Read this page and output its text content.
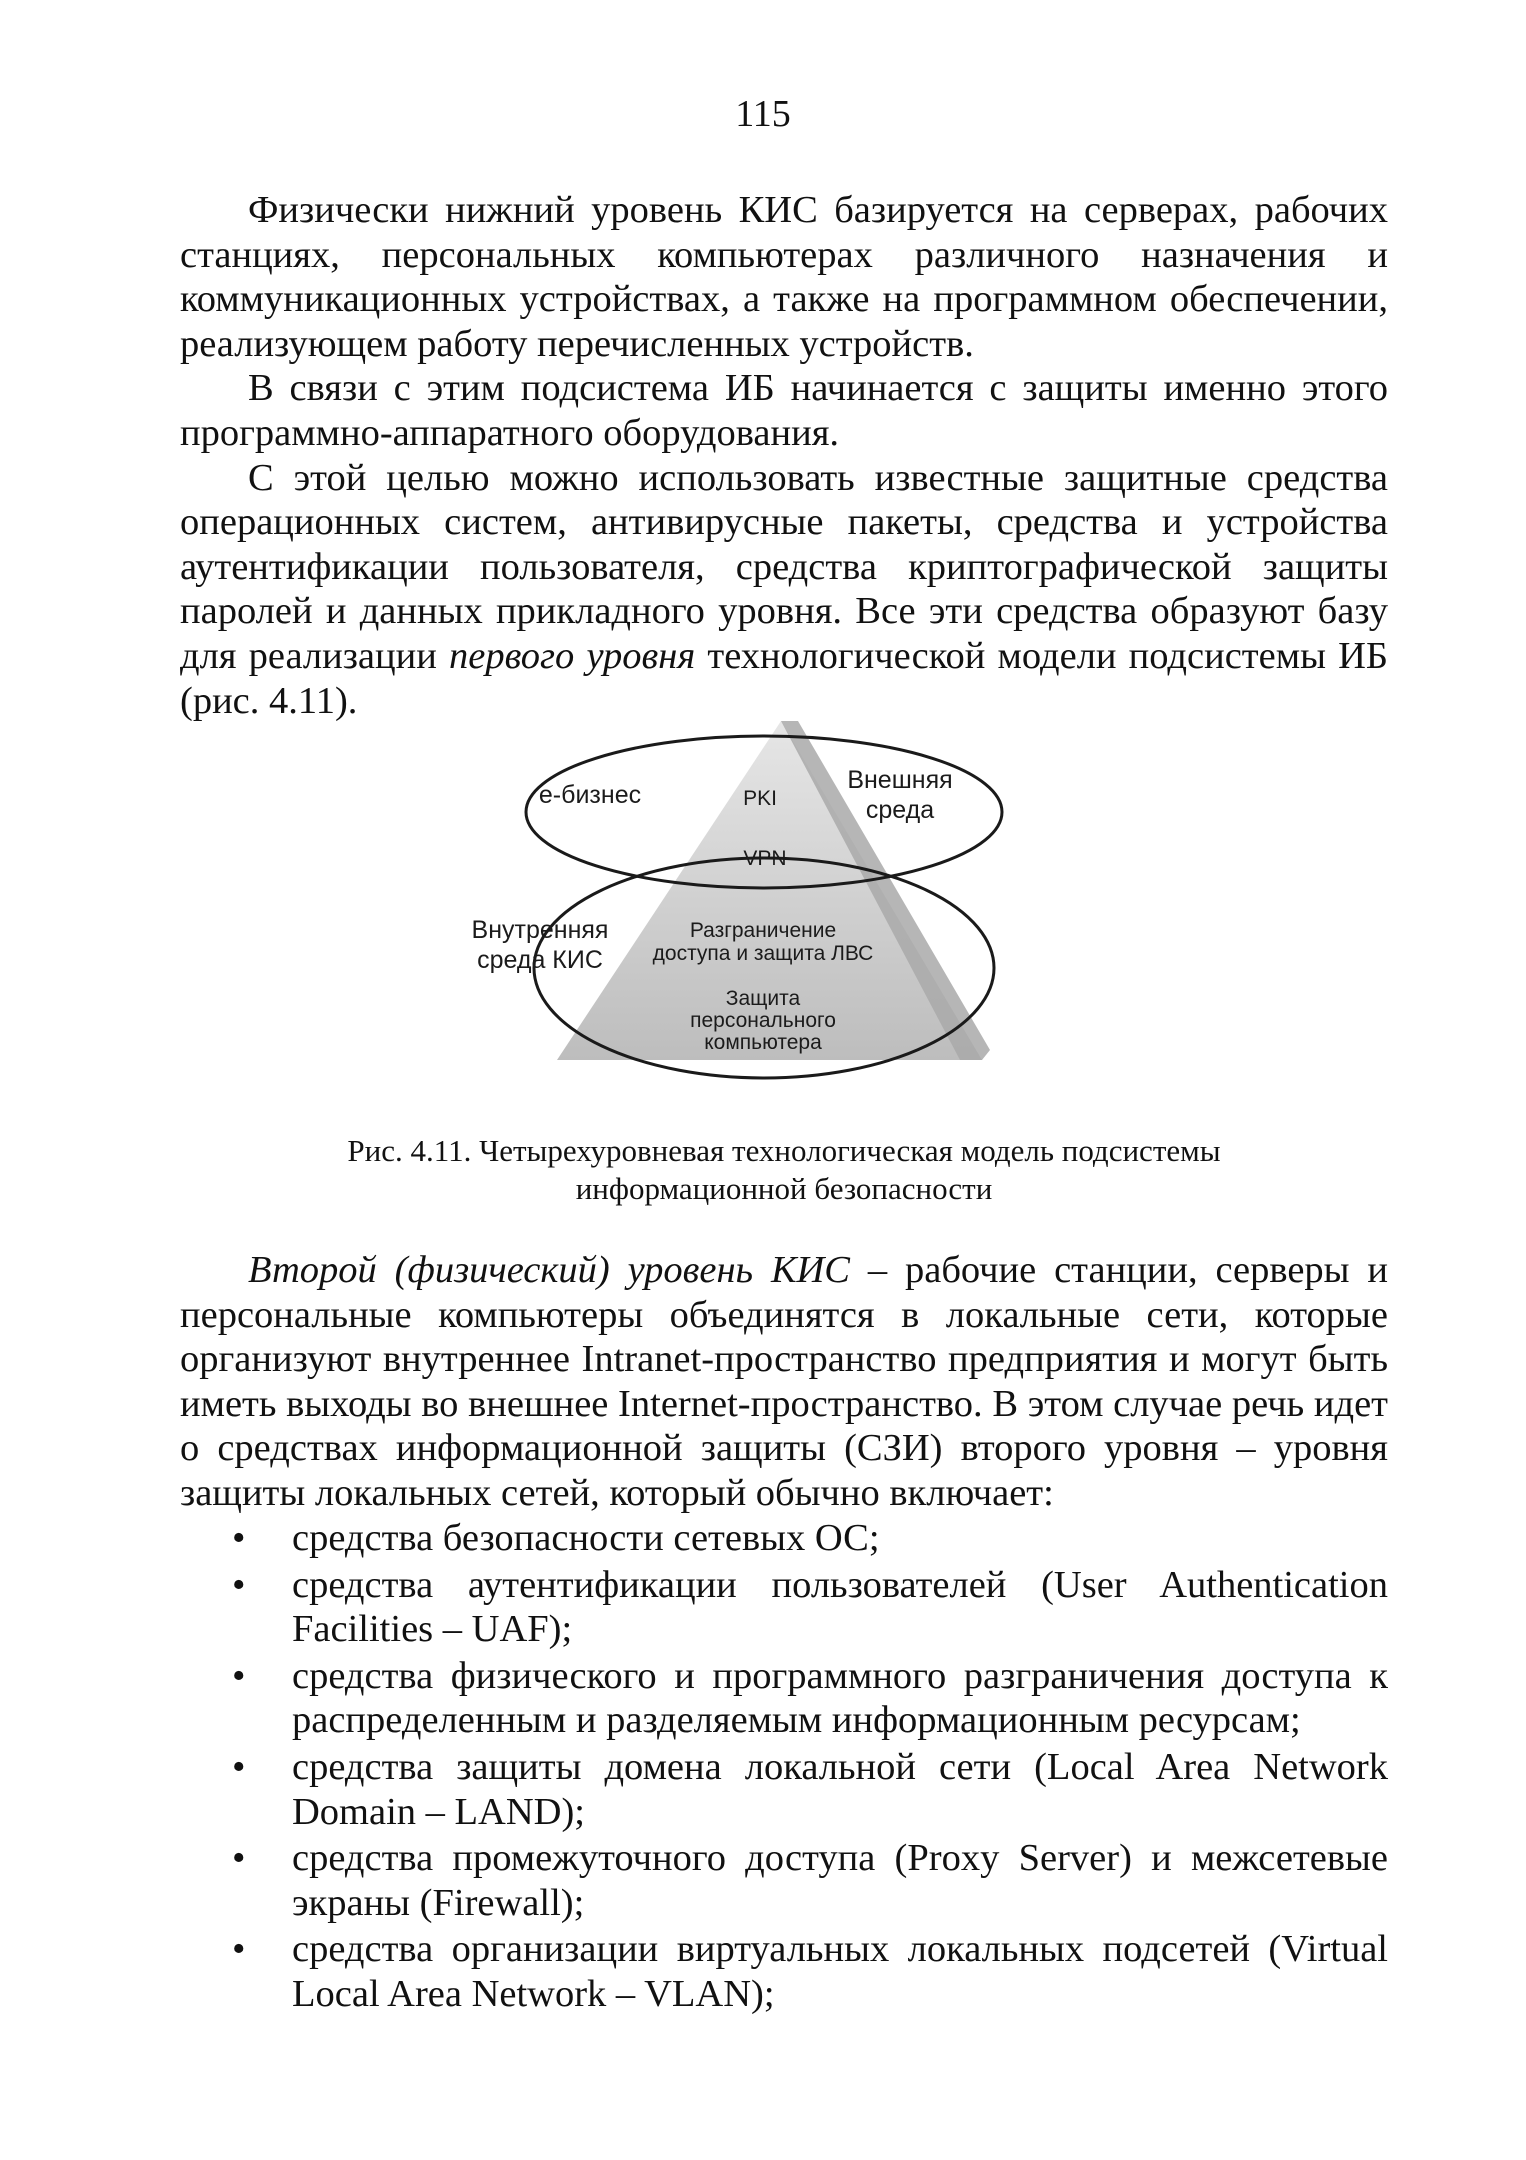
115

Физически нижний уровень КИС базируется на серверах, рабочих станциях, персональных компьютерах различного назначения и коммуникационных устройствах, а также на программном обеспечении, реализующем работу перечисленных устройств.

В связи с этим подсистема ИБ начинается с защиты именно этого программно-аппаратного оборудования.

С этой целью можно использовать известные защитные средства операционных систем, антивирусные пакеты, средства и устройства аутентификации пользователя, средства криптографической защиты паролей и данных прикладного уровня. Все эти средства образуют базу для реализации первого уровня технологической модели подсистемы ИБ (рис. 4.11).

е-бизнес	PKI
Внешняя
среда
VPN
Внутренняя
среда КИС
Разграничение
доступа и защита ЛВС
Защита
персонального
компьютера
Рис. 4.11. Четырехуровневая технологическая модель подсистемы
информационной безопасности

Второй (физический) уровень КИС – рабочие станции, серверы и персональные компьютеры объединятся в локальные сети, которые организуют внутреннее Intranet-пространство предприятия и могут быть иметь выходы во внешнее Internet-пространство. В этом случае речь идет о средствах информационной защиты (СЗИ) второго уровня – уровня защиты локальных сетей, который обычно включает:

• средства безопасности сетевых ОС;
• средства аутентификации пользователей (User Authentication Facilities – UAF);
• средства физического и программного разграничения доступа к распределенным и разделяемым информационным ресурсам;
• средства защиты домена локальной сети (Local Area Network Domain – LAND);
• средства промежуточного доступа (Proxy Server) и межсетевые экраны (Firewall);
• средства организации виртуальных локальных подсетей (Virtual Local Area Network – VLAN);
